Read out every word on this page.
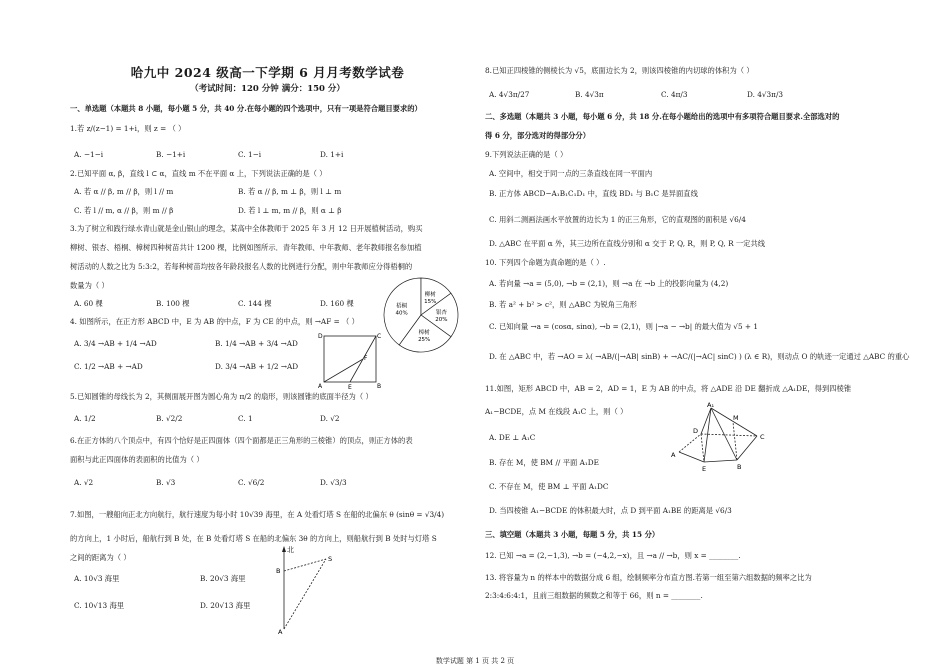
哈九中 2024 级高一下学期 6 月月考数学试卷
（考试时间：120 分钟 满分：150 分）
一、单选题（本题共 8 小题，每小题 5 分，共 40 分.在每小题的四个选项中，只有一项是符合题目要求的）
1.若 z/(z−1) = 1+i，则 z = （ ）
A. −1−i	B. −1+i	C. 1−i	D. 1+i
2.已知平面 α, β，直线 l ⊂ α，直线 m 不在平面 α 上，下列说法正确的是（ ）
A. 若 α // β, m // β，则 l // m	B. 若 α // β, m ⊥ β，则 l ⊥ m
C. 若 l // m, α // β，则 m // β	D. 若 l ⊥ m, m // β，则 α ⊥ β
3.为了树立和践行绿水青山就是金山银山的理念，某高中全体教师于 2025 年 3 月 12 日开展植树活动，购买
柳树、银杏、梧桐、樟树四种树苗共计 1200 棵，比例如图所示．青年教师、中年教师、老年教师报名参加植
树活动的人数之比为 5:3:2，若每种树苗均按各年龄段报名人数的比例进行分配，则中年教师应分得梧桐的
数量为（ ）
A. 60 棵	B. 100 棵	C. 144 棵	D. 160 棵	梧桐
40%
柳树
15%
银杏
20%
樟树
25%
4. 如图所示，在正方形 ABCD 中，E 为 AB 的中点，F 为 CE 的中点，则 →AF = （ ）
A. 3/4 →AB + 1/4 →AD	B. 1/4 →AB + 3/4 →AD
C. 1/2 →AB + →AD	D. 3/4 →AB + 1/2 →AD
D	C
A	B
E
F
5.已知圆锥的母线长为 2，其侧面展开图为圆心角为 π/2 的扇形，则该圆锥的底面半径为（ ）
A. 1/2	B. √2/2	C. 1	D. √2
6.在正方体的八个顶点中，有四个恰好是正四面体（四个面都是正三角形的三棱锥）的顶点，则正方体的表
面积与此正四面体的表面积的比值为（ ）
A. √2	B. √3	C. √6/2	D. √3/3
7.如图，一艘船向正北方向航行，航行速度为每小时 10√39 海里，在 A 处看灯塔 S 在船的北偏东 θ (sinθ = √3/4)
的方向上，1 小时后，船航行到 B 处，在 B 处看灯塔 S 在船的北偏东 3θ 的方向上，则船航行到 B 处时与灯塔 S
之间的距离为（ ）
A. 10√3 海里	B. 20√3 海里
C. 10√13 海里	D. 20√13 海里
北
B
S
A
8.已知正四棱锥的侧棱长为 √5，底面边长为 2，则该四棱锥的内切球的体积为（ ）
A. 4√3π/27	B. 4√3π	C. 4π/3	D. 4√3π/3
二、多选题（本题共 3 小题，每小题 6 分，共 18 分.在每小题给出的选项中有多项符合题目要求.全部选对的
得 6 分，部分选对的得部分分）
9.下列说法正确的是（ ）
A. 空间中，相交于同一点的三条直线在同一平面内
B. 正方体 ABCD−A₁B₁C₁D₁ 中，直线 BD₁ 与 B₁C 是异面直线
C. 用斜二测画法画水平放置的边长为 1 的正三角形，它的直观图的面积是 √6/4
D. △ABC 在平面 α 外，其三边所在直线分别和 α 交于 P, Q, R，则 P, Q, R 一定共线
10. 下列四个命题为真命题的是（ ）.
A. 若向量 →a = (5,0), →b = (2,1)，则 →a 在 →b 上的投影向量为 (4,2)
B. 若 a² + b² > c²，则 △ABC 为锐角三角形
C. 已知向量 →a = (cosα, sinα), →b = (2,1)，则 |→a − →b| 的最大值为 √5 + 1
D. 在 △ABC 中，若 →AO = λ( →AB/(|→AB| sinB) + →AC/(|→AC| sinC) ) (λ ∈ R)，则动点 O 的轨迹一定通过 △ABC 的重心
11.如图，矩形 ABCD 中，AB = 2，AD = 1，E 为 AB 的中点，将 △ADE 沿 DE 翻折成 △A₁DE，得到四棱锥
A₁−BCDE，点 M 在线段 A₁C 上，则（ ）
A. DE ⊥ A₁C
B. 存在 M，使 BM // 平面 A₁DE
C. 不存在 M，使 BM ⊥ 平面 A₁DC
D. 当四棱锥 A₁−BCDE 的体积最大时，点 D 到平面 A₁BE 的距离是 √6/3
A₁
M
D
C
A
E	B
三、填空题（本题共 3 小题，每题 5 分，共 15 分）
12. 已知 →a = (2,−1,3), →b = (−4,2,−x)，且 →a // →b，则 x = ________.
13. 将容量为 n 的样本中的数据分成 6 组，绘制频率分布直方图.若第一组至第六组数据的频率之比为
2:3:4:6:4:1，且前三组数据的频数之和等于 66，则 n = ________.
数学试题 第 1 页 共 2 页
